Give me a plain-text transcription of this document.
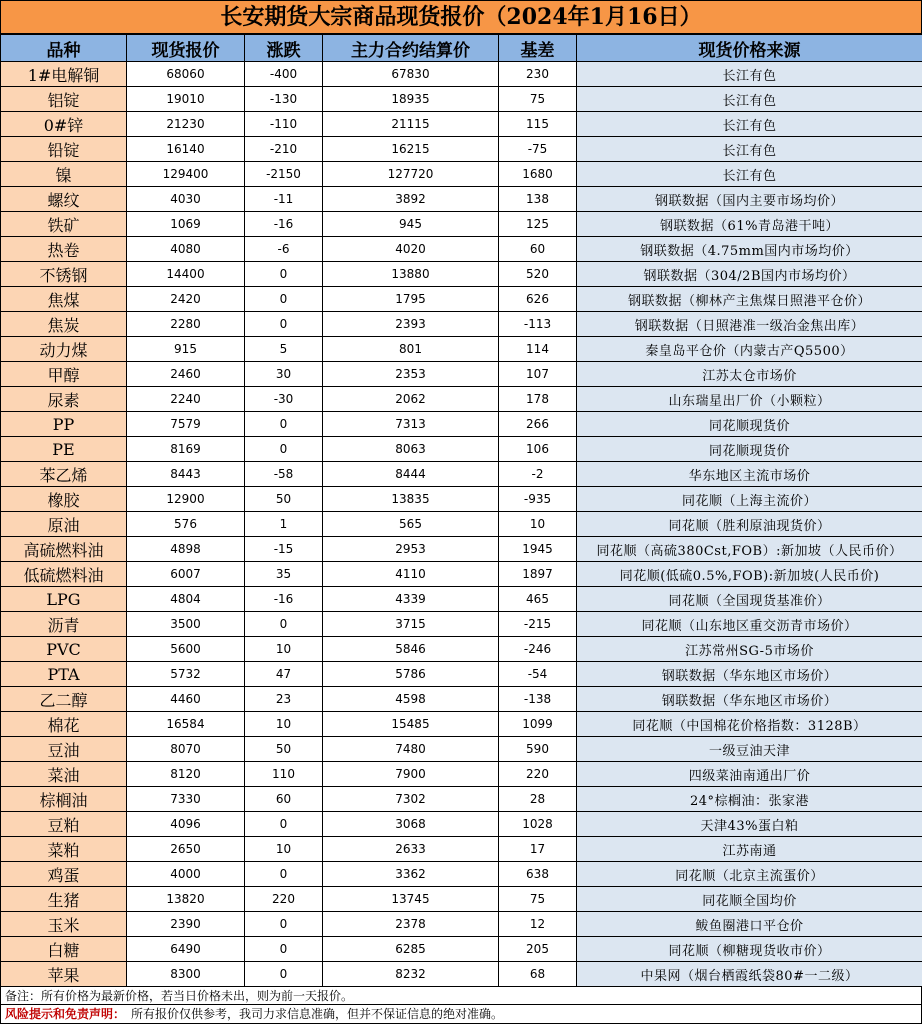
长安期货大宗商品现货报价（2024年1月16日）
品种	现货报价	涨跌	主力合约结算价	基差	现货价格来源
1#电解铜	68060	-400	67830	230	长江有色
铝锭	19010	-130	18935	75	长江有色
0#锌	21230	-110	21115	115	长江有色
铅锭	16140	-210	16215	-75	长江有色
镍	129400	-2150	127720	1680	长江有色
螺纹	4030	-11	3892	138	钢联数据（国内主要市场均价）
铁矿	1069	-16	945	125	钢联数据（61%青岛港干吨）
热卷	4080	-6	4020	60	钢联数据（4.75mm国内市场均价）
不锈钢	14400	0	13880	520	钢联数据（304/2B国内市场均价）
焦煤	2420	0	1795	626	钢联数据（柳林产主焦煤日照港平仓价）
焦炭	2280	0	2393	-113	钢联数据（日照港准一级冶金焦出库）
动力煤	915	5	801	114	秦皇岛平仓价（内蒙古产Q5500）
甲醇	2460	30	2353	107	江苏太仓市场价
尿素	2240	-30	2062	178	山东瑞星出厂价（小颗粒）
PP	7579	0	7313	266	同花顺现货价
PE	8169	0	8063	106	同花顺现货价
苯乙烯	8443	-58	8444	-2	华东地区主流市场价
橡胶	12900	50	13835	-935	同花顺（上海主流价）
原油	576	1	565	10	同花顺（胜利原油现货价）
高硫燃料油	4898	-15	2953	1945	同花顺（高硫380Cst,FOB）:新加坡（人民币价）
低硫燃料油	6007	35	4110	1897	同花顺(低硫0.5%,FOB):新加坡(人民币价)
LPG	4804	-16	4339	465	同花顺（全国现货基准价）
沥青	3500	0	3715	-215	同花顺（山东地区重交沥青市场价）
PVC	5600	10	5846	-246	江苏常州SG-5市场价
PTA	5732	47	5786	-54	钢联数据（华东地区市场价）
乙二醇	4460	23	4598	-138	钢联数据（华东地区市场价）
棉花	16584	10	15485	1099	同花顺（中国棉花价格指数：3128B）
豆油	8070	50	7480	590	一级豆油天津
菜油	8120	110	7900	220	四级菜油南通出厂价
棕榈油	7330	60	7302	28	24°棕榈油：张家港
豆粕	4096	0	3068	1028	天津43%蛋白粕
菜粕	2650	10	2633	17	江苏南通
鸡蛋	4000	0	3362	638	同花顺（北京主流蛋价）
生猪	13820	220	13745	75	同花顺全国均价
玉米	2390	0	2378	12	鲅鱼圈港口平仓价
白糖	6490	0	6285	205	同花顺（柳糖现货收市价）
苹果	8300	0	8232	68	中果网（烟台栖霞纸袋80#一二级）
备注：所有价格为最新价格，若当日价格未出，则为前一天报价。
风险提示和免责声明： 所有报价仅供参考，我司力求信息准确，但并不保证信息的绝对准确。
